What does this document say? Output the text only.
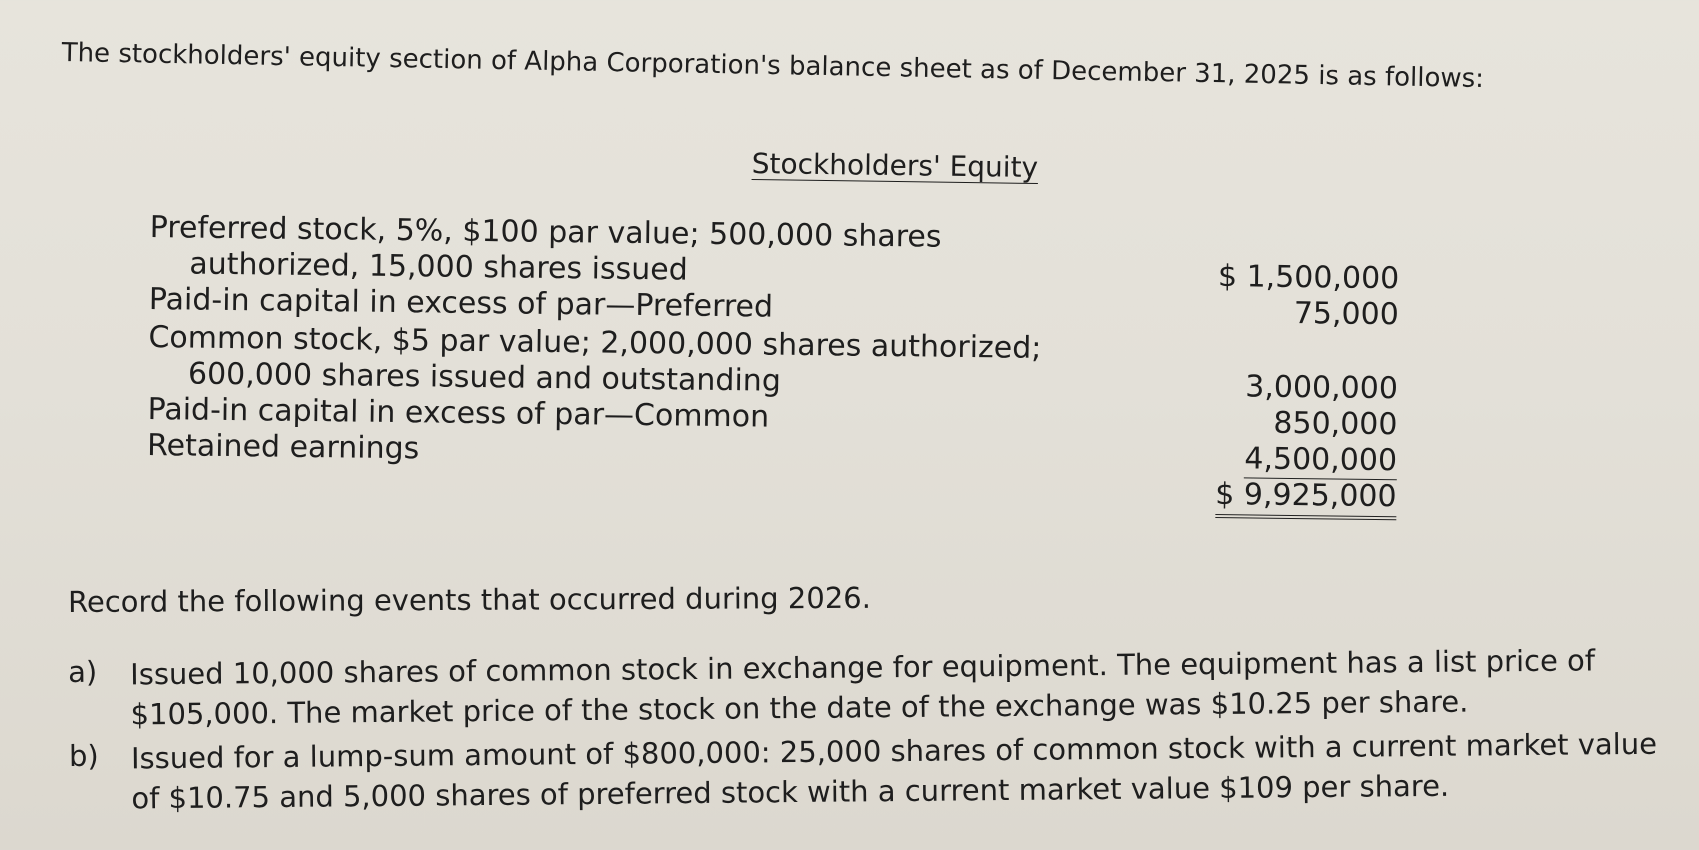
The stockholders' equity section of Alpha Corporation's balance sheet as of December 31, 2025 is as follows:
Stockholders' Equity
Preferred stock, 5%, $100 par value; 500,000 shares
authorized, 15,000 shares issued	$ 1,500,000
Paid-in capital in excess of par—Preferred	75,000
Common stock, $5 par value; 2,000,000 shares authorized;
600,000 shares issued and outstanding	3,000,000
Paid-in capital in excess of par—Common	850,000
Retained earnings	4,500,000
$ 9,925,000
Record the following events that occurred during 2026.
a) Issued 10,000 shares of common stock in exchange for equipment. The equipment has a list price of
$105,000. The market price of the stock on the date of the exchange was $10.25 per share.
b) Issued for a lump-sum amount of $800,000: 25,000 shares of common stock with a current market value
of $10.75 and 5,000 shares of preferred stock with a current market value $109 per share.
